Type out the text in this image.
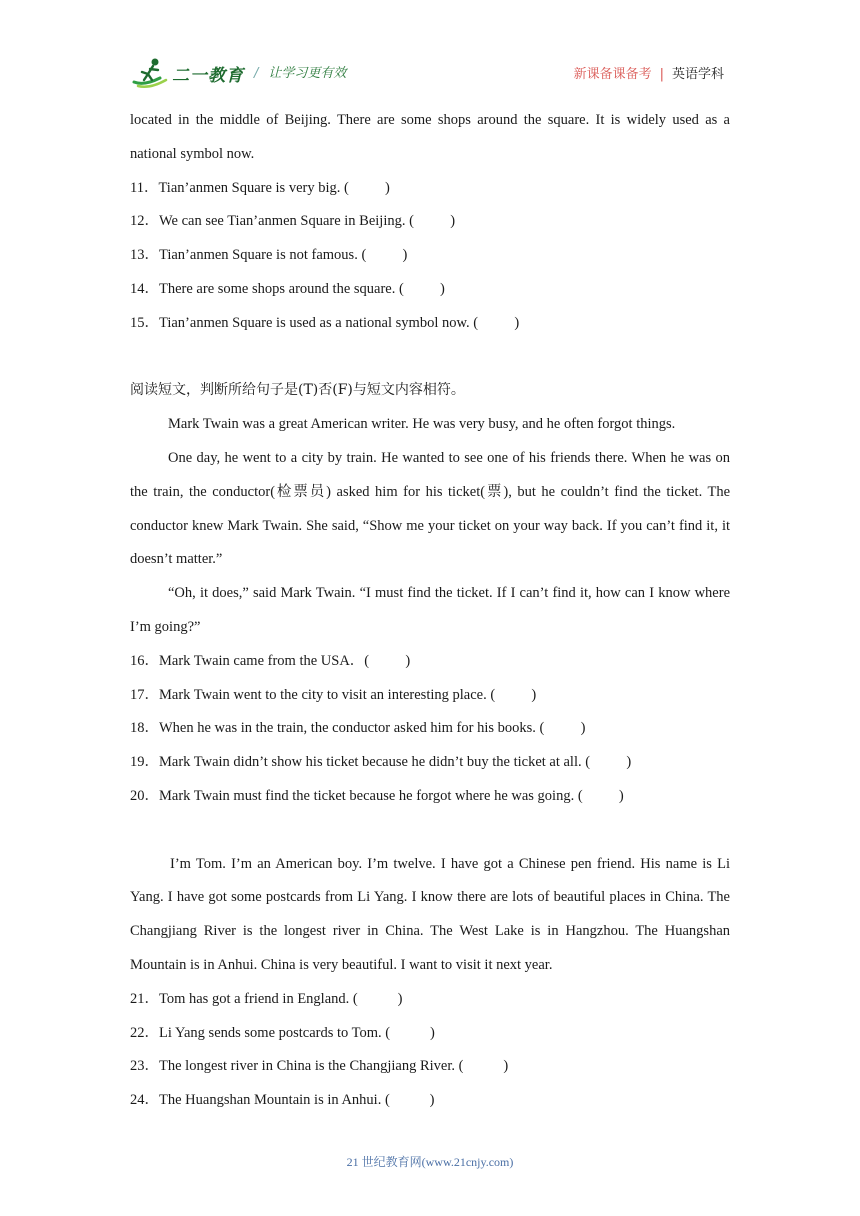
二一教育 / 让学习更有效	新课备课备考 | 英语学科

located in the middle of Beijing. There are some shops around the square. It is widely used as a national symbol now.

11．Tian’anmen Square is very big. (          )
12．We can see Tian’anmen Square in Beijing. (          )
13．Tian’anmen Square is not famous. (          )
14．There are some shops around the square. (          )
15．Tian’anmen Square is used as a national symbol now. (          )

阅读短文，判断所给句子是(T)否(F)与短文内容相符。

Mark Twain was a great American writer. He was very busy, and he often forgot things.

One day, he went to a city by train. He wanted to see one of his friends there. When he was on the train, the conductor(检票员) asked him for his ticket(票), but he couldn’t find the ticket. The conductor knew Mark Twain. She said, “Show me your ticket on your way back. If you can’t find it, it doesn’t matter.”

“Oh, it does,” said Mark Twain. “I must find the ticket. If I can’t find it, how can I know where I’m going?”

16．Mark Twain came from the USA．(          )
17．Mark Twain went to the city to visit an interesting place. (          )
18．When he was in the train, the conductor asked him for his books. (          )
19．Mark Twain didn’t show his ticket because he didn’t buy the ticket at all. (          )
20．Mark Twain must find the ticket because he forgot where he was going. (          )

I’m Tom. I’m an American boy. I’m twelve. I have got a Chinese pen friend. His name is Li Yang. I have got some postcards from Li Yang. I know there are lots of beautiful places in China. The Changjiang River is the longest river in China. The West Lake is in Hangzhou. The Huangshan Mountain is in Anhui. China is very beautiful. I want to visit it next year.

21．Tom has got a friend in England. (           )
22．Li Yang sends some postcards to Tom. (           )
23．The longest river in China is the Changjiang River. (           )
24．The Huangshan Mountain is in Anhui. (           )
21 世纪教育网(www.21cnjy.com)
